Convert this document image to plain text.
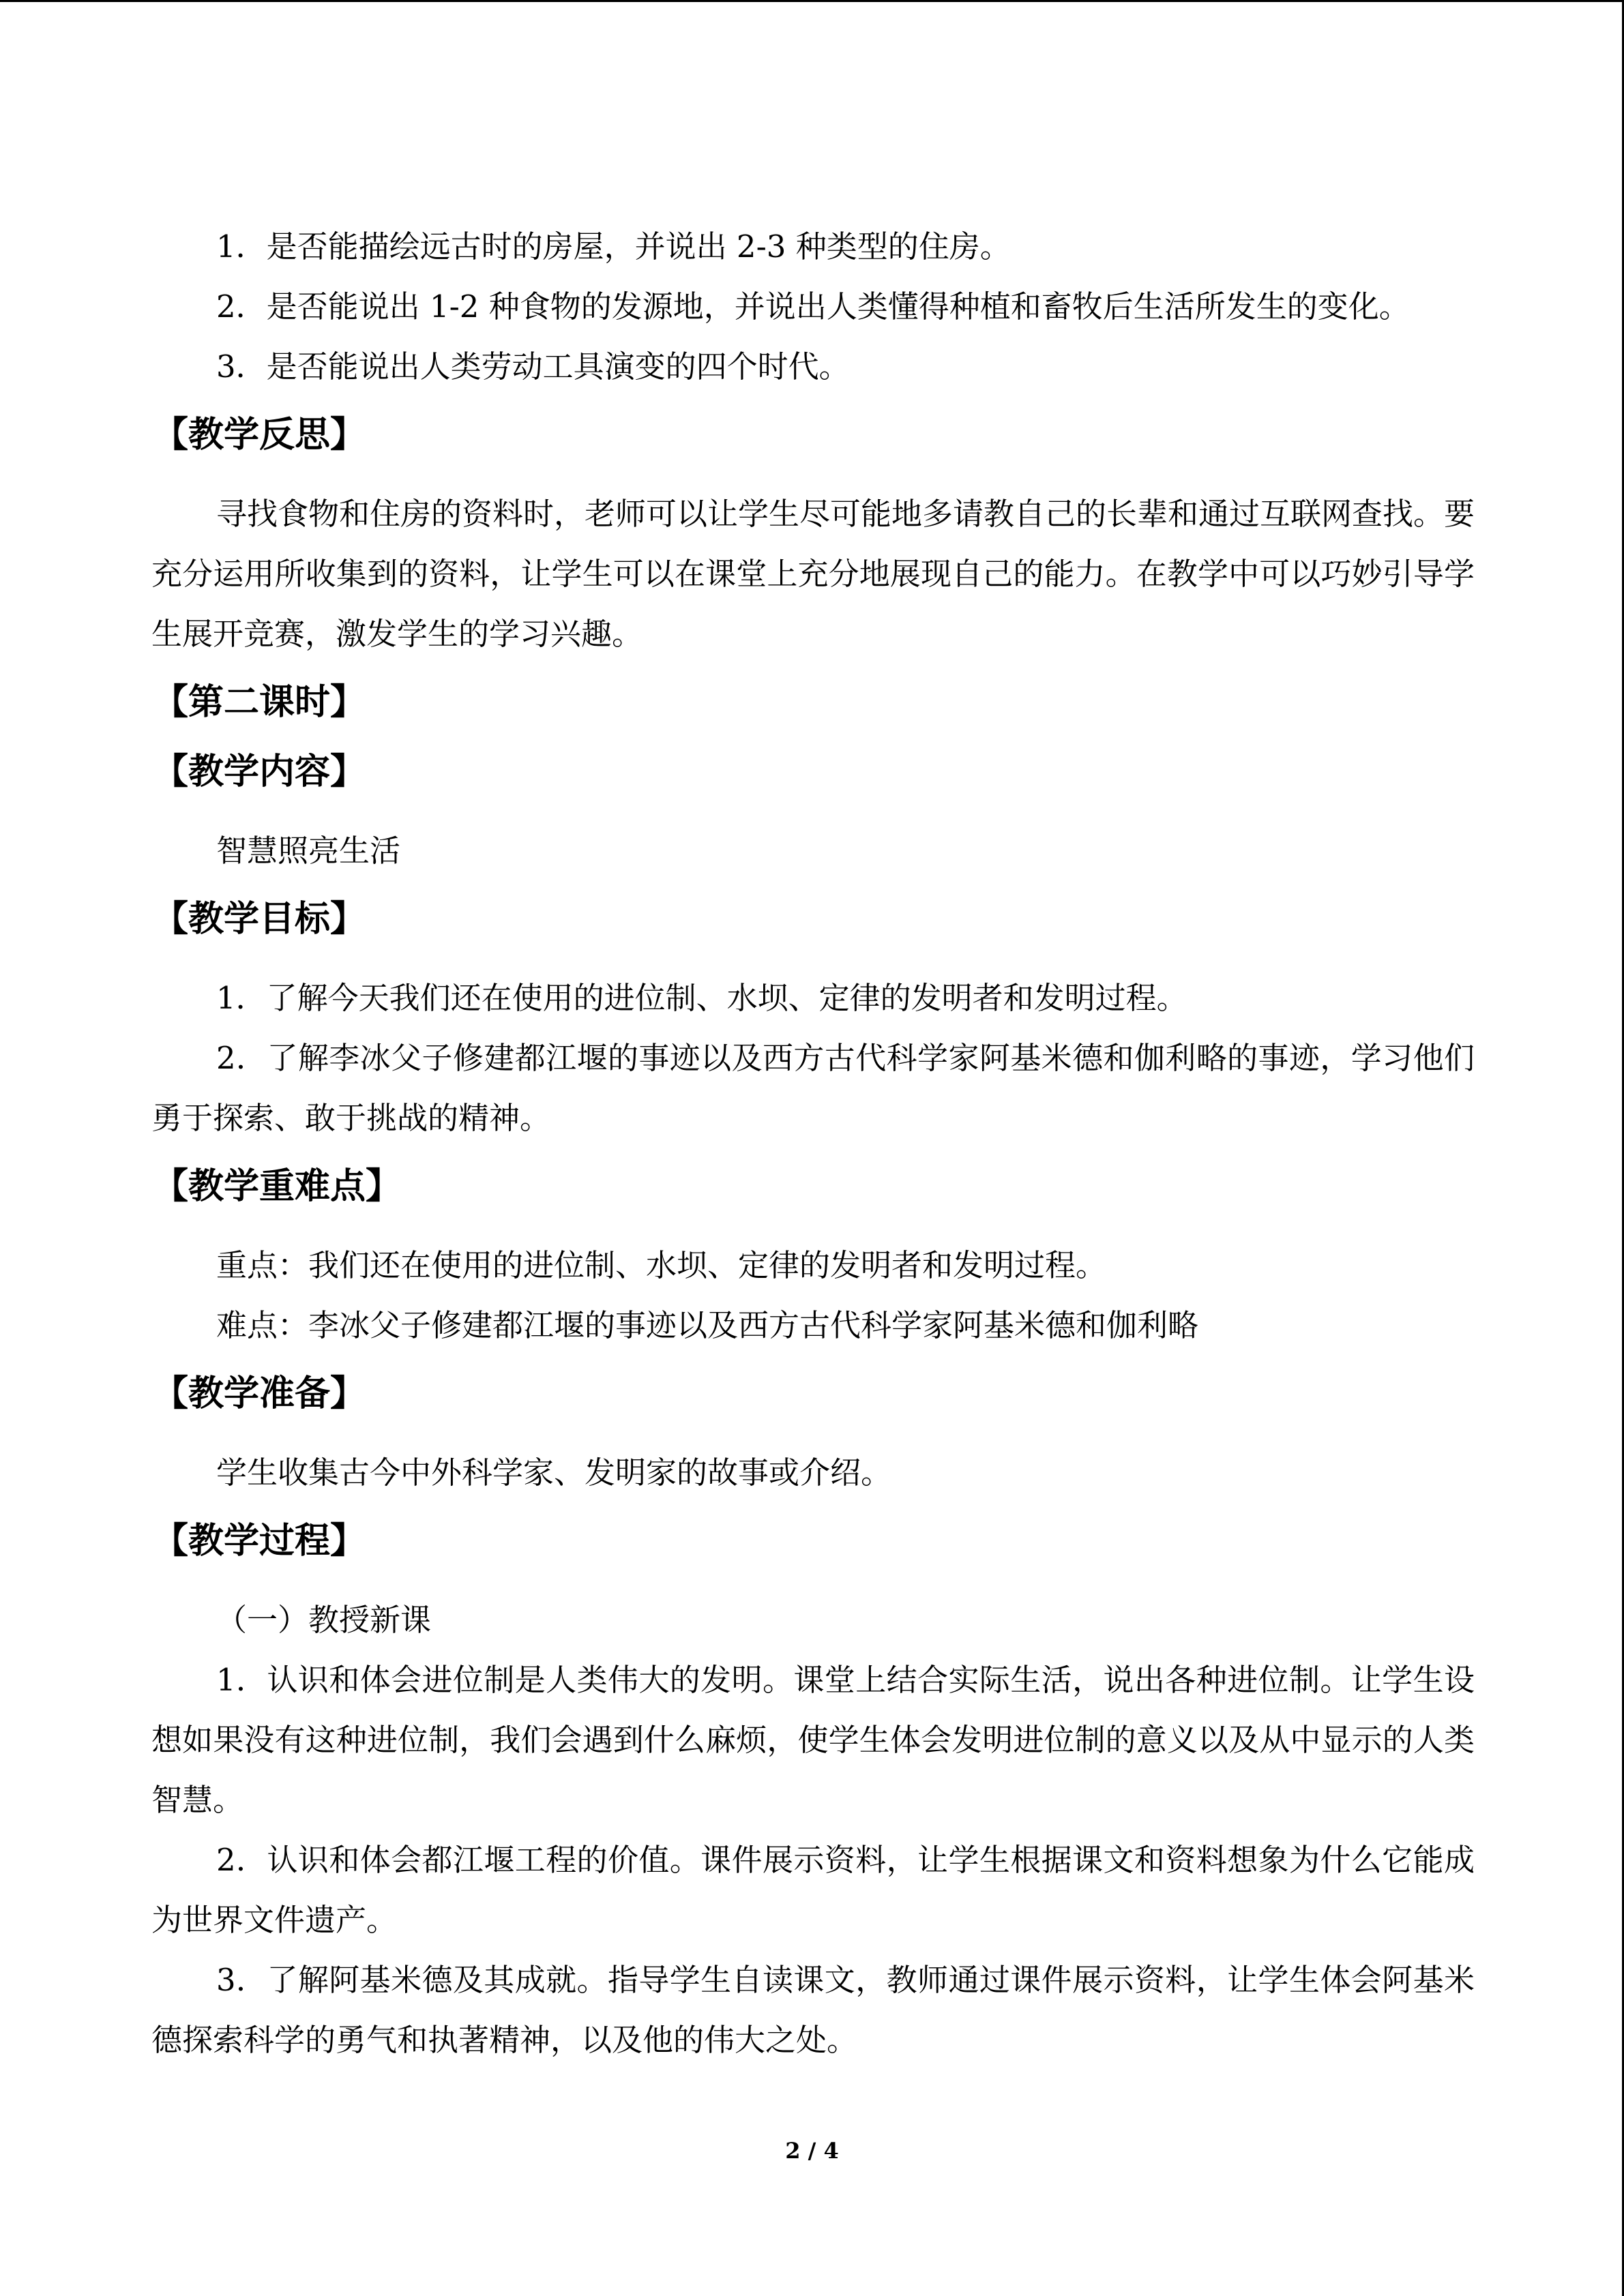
1．是否能描绘远古时的房屋，并说出 2-3 种类型的住房。

2．是否能说出 1-2 种食物的发源地，并说出人类懂得种植和畜牧后生活所发生的变化。

3．是否能说出人类劳动工具演变的四个时代。

【教学反思】

寻找食物和住房的资料时，老师可以让学生尽可能地多请教自己的长辈和通过互联网查找。要充分运用所收集到的资料，让学生可以在课堂上充分地展现自己的能力。在教学中可以巧妙引导学生展开竞赛，激发学生的学习兴趣。

【第二课时】
【教学内容】

智慧照亮生活

【教学目标】

1．了解今天我们还在使用的进位制、水坝、定律的发明者和发明过程。

2．了解李冰父子修建都江堰的事迹以及西方古代科学家阿基米德和伽利略的事迹，学习他们勇于探索、敢于挑战的精神。

【教学重难点】

重点：我们还在使用的进位制、水坝、定律的发明者和发明过程。

难点：李冰父子修建都江堰的事迹以及西方古代科学家阿基米德和伽利略

【教学准备】

学生收集古今中外科学家、发明家的故事或介绍。

【教学过程】

（一）教授新课

1．认识和体会进位制是人类伟大的发明。课堂上结合实际生活，说出各种进位制。让学生设想如果没有这种进位制，我们会遇到什么麻烦，使学生体会发明进位制的意义以及从中显示的人类智慧。

2．认识和体会都江堰工程的价值。课件展示资料，让学生根据课文和资料想象为什么它能成为世界文件遗产。

3．了解阿基米德及其成就。指导学生自读课文，教师通过课件展示资料，让学生体会阿基米德探索科学的勇气和执著精神，以及他的伟大之处。

2 / 4
